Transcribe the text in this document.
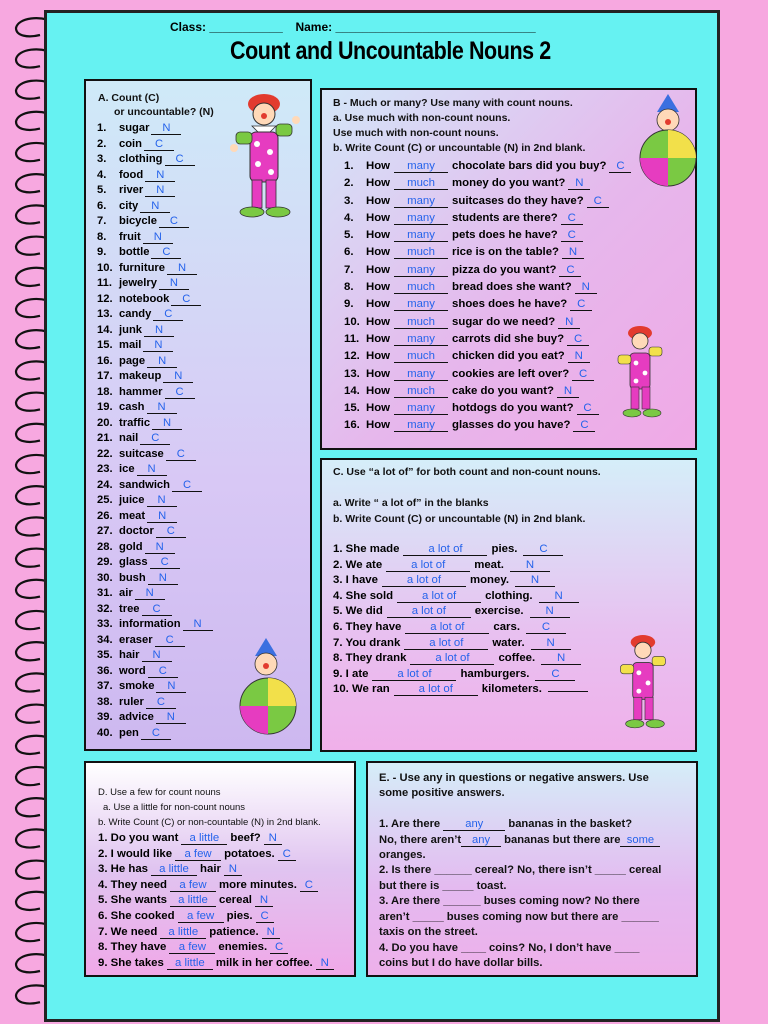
Class: ___________ Name: ______________________________
Count and Uncountable Nouns 2
A. Count (C)
or uncountable? (N)
1. sugar N
2. coin C
3. clothing C
4. food N
5. river N
6. city N
7. bicycle C
8. fruit N
9. bottle C
10. furniture N
11. jewelry N
12. notebook C
13. candy C
14. junk N
15. mail N
16. page N
17. makeup N
18. hammer C
19. cash N
20. traffic N
21. nail C
22. suitcase C
23. ice N
24. sandwich C
25. juice N
26. meat N
27. doctor C
28. gold N
29. glass C
30. bush N
31. air N
32. tree C
33. information N
34. eraser C
35. hair N
36. word C
37. smoke N
38. ruler C
39. advice N
40. pen C
B - Much or many? Use many with count nouns.
a. Use much with non-count nouns.
Use much with non-count nouns.
b. Write Count (C) or uncountable (N) in 2nd blank.
1. How many chocolate bars did you buy? C
2. How much money do you want? N
3. How many suitcases do they have? C
4. How many students are there? C
5. How many pets does he have? C
6. How much rice is on the table? N
7. How many pizza do you want? C
8. How much bread does she want? N
9. How many shoes does he have? C
10. How much sugar do we need? N
11. How many carrots did she buy? C
12. How much chicken did you eat? N
13. How many cookies are left over? C
14. How much cake do you want? N
15. How many hotdogs do you want? C
16. How many glasses do you have? C
C. Use “a lot of” for both count and non-count nouns.
a. Write “ a lot of” in the blanks
b. Write Count (C) or uncountable (N) in 2nd blank.
1. She made	a lot of	pies. C
2. We ate	a lot of	meat. N
3. I have	a lot of	money. N
4. She sold	a lot of	clothing. N
5. We did	a lot of	exercise. N
6. They have	a lot of	cars. C
7. You drank	a lot of	water. N
8. They drank	a lot of	coffee. N
9. I ate	a lot of	hamburgers. C
10. We ran	a lot of	kilometers.
D. Use a few for count nouns
a. Use a little for non-count nouns
b. Write Count (C) or non-countable (N) in 2nd blank.
1. Do you want a little beef? N
2. I would like a few potatoes. C
3. He has a little hair N
4. They need a few more minutes. C
5. She wants a little cereal N
6. She cooked a few pies. C
7. We need a little patience. N
8. They have a few enemies. C
9. She takes a little milk in her coffee. N
E. - Use any in questions or negative answers. Use
some positive answers.
1. Are there any bananas in the basket?
No, there aren’t any bananas but there are some
oranges.
2. Is there ______ cereal? No, there isn’t _____ cereal
but there is _____ toast.
3. Are there ______ buses coming now? No there
aren’t _____ buses coming now but there are ______
taxis on the street.
4. Do you have ____ coins? No, I don’t have ____
coins but I do have dollar bills.
